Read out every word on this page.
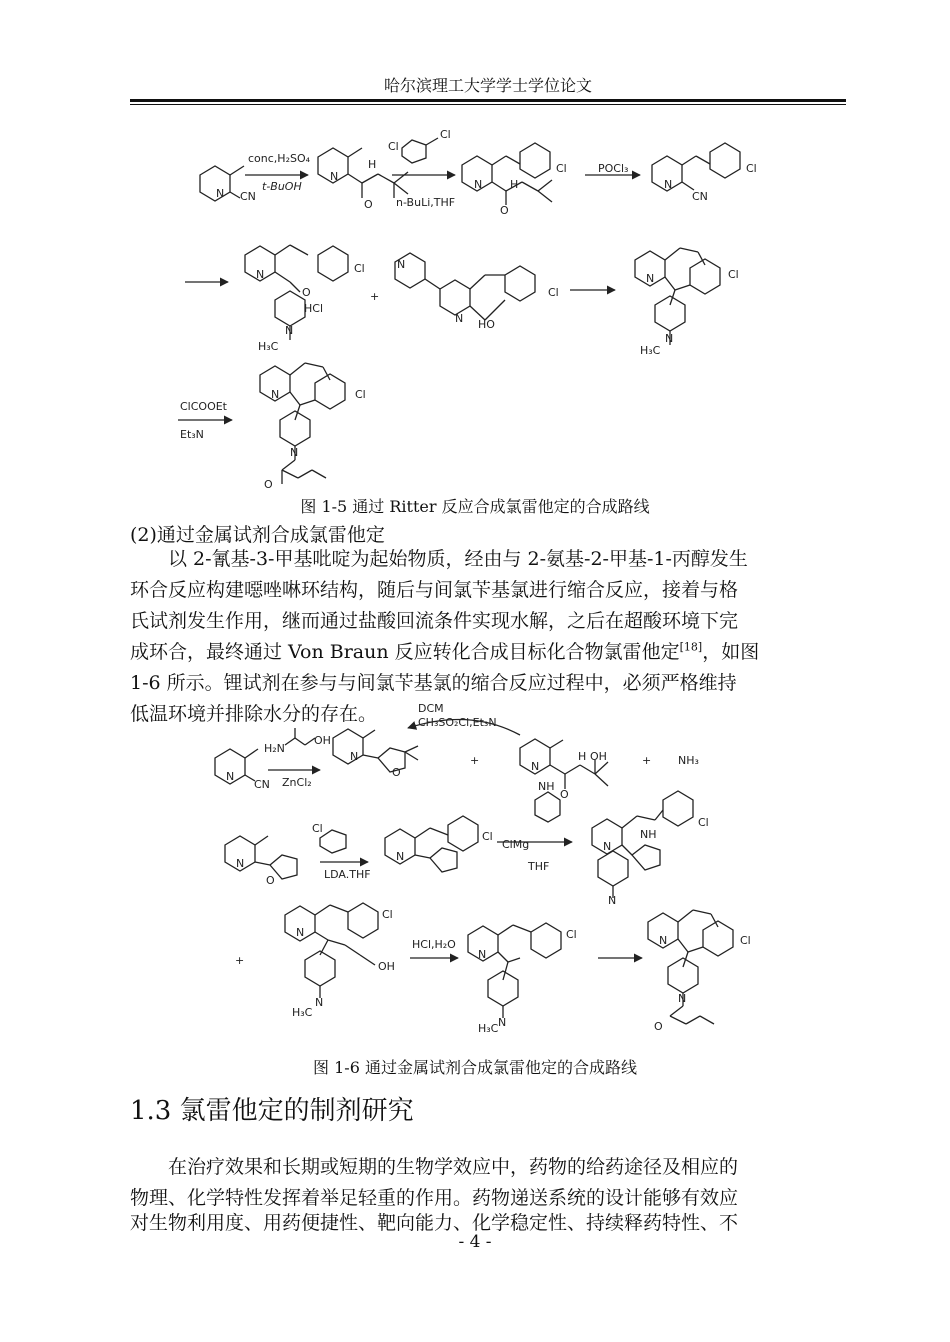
哈尔滨理工大学学士学位论文
N CN
conc,H₂SO₄
t-BuOH
N
O
H
Cl
Cl
n-BuLi,THF
N
Cl
O
H
POCl₃
N
CN
Cl
N	Cl
O
N
HCl
H₃C
+
N
N HO
Cl
N	Cl
N
H₃C
ClCOOEt
Et₃N
N	Cl
N
O
图 1-5 通过 Ritter 反应合成氯雷他定的合成路线
(2)通过金属试剂合成氯雷他定
以 2-氰基-3-甲基吡啶为起始物质，经由与 2-氨基-2-甲基-1-丙醇发生
环合反应构建噁唑啉环结构，随后与间氯苄基氯进行缩合反应，接着与格
氏试剂发生作用，继而通过盐酸回流条件实现水解，之后在超酸环境下完
成环合，最终通过 Von Braun 反应转化合成目标化合物氯雷他定[18]，如图
1-6 所示。锂试剂在参与与间氯苄基氯的缩合反应过程中，必须严格维持
低温环境并排除水分的存在。
N
CN
H₂N
OH
ZnCl₂
N
O
DCM
CH₃SO₂Cl,Et₃N
+	N
O
H OH	+ NH₃
N
O	LDA.THF
Cl
N
Cl
ClMg
NH
THF
N
Cl
NH
N
+
N
Cl
OH
N
H₃C
HCl,H₂O
N
Cl
N
H₃C
N	Cl
N
O
图 1-6 通过金属试剂合成氯雷他定的合成路线
1.3 氯雷他定的制剂研究
在治疗效果和长期或短期的生物学效应中，药物的给药途径及相应的
物理、化学特性发挥着举足轻重的作用。药物递送系统的设计能够有效应
对生物利用度、用药便捷性、靶向能力、化学稳定性、持续释药特性、不
- 4 -
